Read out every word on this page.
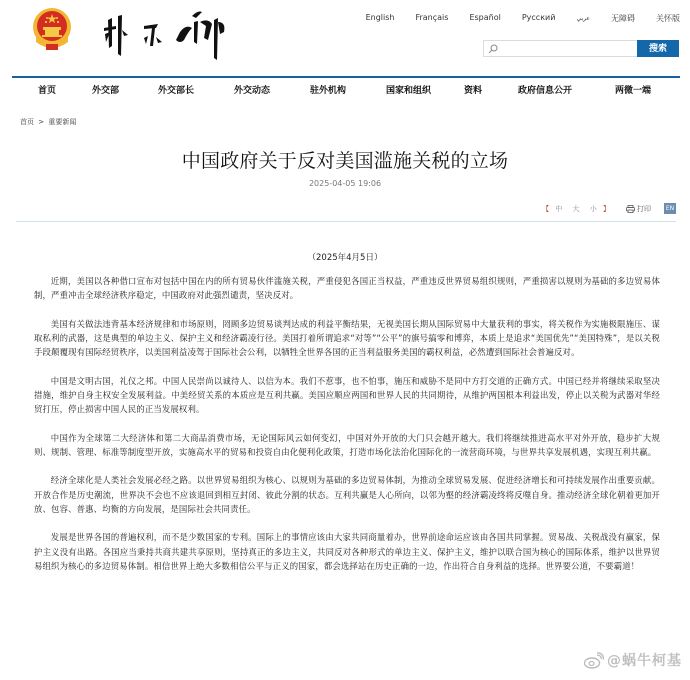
English	Français	Español	Русский	عربي	无障碍	关怀版
搜索
首页	外交部	外交部长	外交动态	驻外机构	国家和组织	资料	政府信息公开	两微一端
首页 > 重要新闻
中国政府关于反对美国滥施关税的立场
2025-04-05 19:06
【 中 大 小 】	打印	EN
（2025年4月5日）

近期，美国以各种借口宣布对包括中国在内的所有贸易伙伴滥施关税，严重侵犯各国正当权益，严重违反世界贸易组织规则，严重损害以规则为基础的多边贸易体制，严重冲击全球经济秩序稳定，中国政府对此强烈谴责，坚决反对。

美国有关做法违背基本经济规律和市场原则，罔顾多边贸易谈判达成的利益平衡结果，无视美国长期从国际贸易中大量获利的事实，将关税作为实施极限施压、谋取私利的武器，这是典型的单边主义、保护主义和经济霸凌行径。美国打着所谓追求“对等”“公平”的旗号搞零和博弈，本质上是追求“美国优先”“美国特殊”，是以关税手段颠覆现有国际经贸秩序，以美国利益凌驾于国际社会公利，以牺牲全世界各国的正当利益服务美国的霸权利益，必然遭到国际社会普遍反对。

中国是文明古国，礼仪之邦。中国人民崇尚以诚待人、以信为本。我们不惹事，也不怕事，施压和威胁不是同中方打交道的正确方式。中国已经并将继续采取坚决措施，维护自身主权安全发展利益。中美经贸关系的本质应是互利共赢。美国应顺应两国和世界人民的共同期待，从维护两国根本利益出发，停止以关税为武器对华经贸打压，停止损害中国人民的正当发展权利。

中国作为全球第二大经济体和第二大商品消费市场，无论国际风云如何变幻，中国对外开放的大门只会越开越大。我们将继续推进高水平对外开放，稳步扩大规则、规制、管理、标准等制度型开放，实施高水平的贸易和投资自由化便利化政策，打造市场化法治化国际化的一流营商环境，与世界共享发展机遇，实现互利共赢。

经济全球化是人类社会发展必经之路。以世界贸易组织为核心、以规则为基础的多边贸易体制，为推动全球贸易发展、促进经济增长和可持续发展作出重要贡献。开放合作是历史潮流，世界决不会也不应该退回到相互封闭、彼此分割的状态。互利共赢是人心所向，以邻为壑的经济霸凌终将反噬自身。推动经济全球化朝着更加开放、包容、普惠、均衡的方向发展，是国际社会共同责任。

发展是世界各国的普遍权利，而不是少数国家的专利。国际上的事情应该由大家共同商量着办，世界前途命运应该由各国共同掌握。贸易战、关税战没有赢家，保护主义没有出路。各国应当秉持共商共建共享原则，坚持真正的多边主义，共同反对各种形式的单边主义、保护主义，维护以联合国为核心的国际体系，维护以世界贸易组织为核心的多边贸易体制。相信世界上绝大多数相信公平与正义的国家，都会选择站在历史正确的一边，作出符合自身利益的选择。世界要公道，不要霸道！

@蜗牛柯基
